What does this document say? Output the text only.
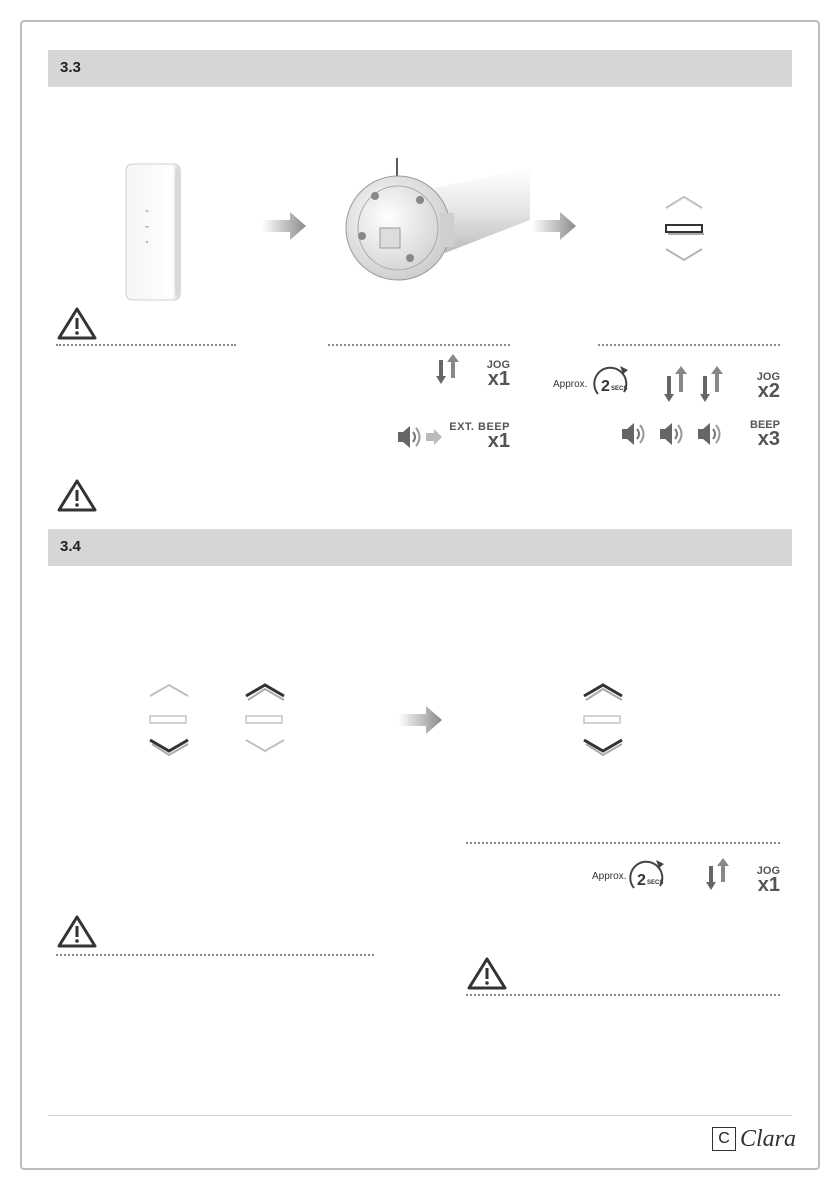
3.3
JOG
x1
EXT. BEEP
x1
Approx. 2 SECS
JOG
x2
BEEP
x3
3.4
Approx. 2 SECS
JOG
x1
C Clara
